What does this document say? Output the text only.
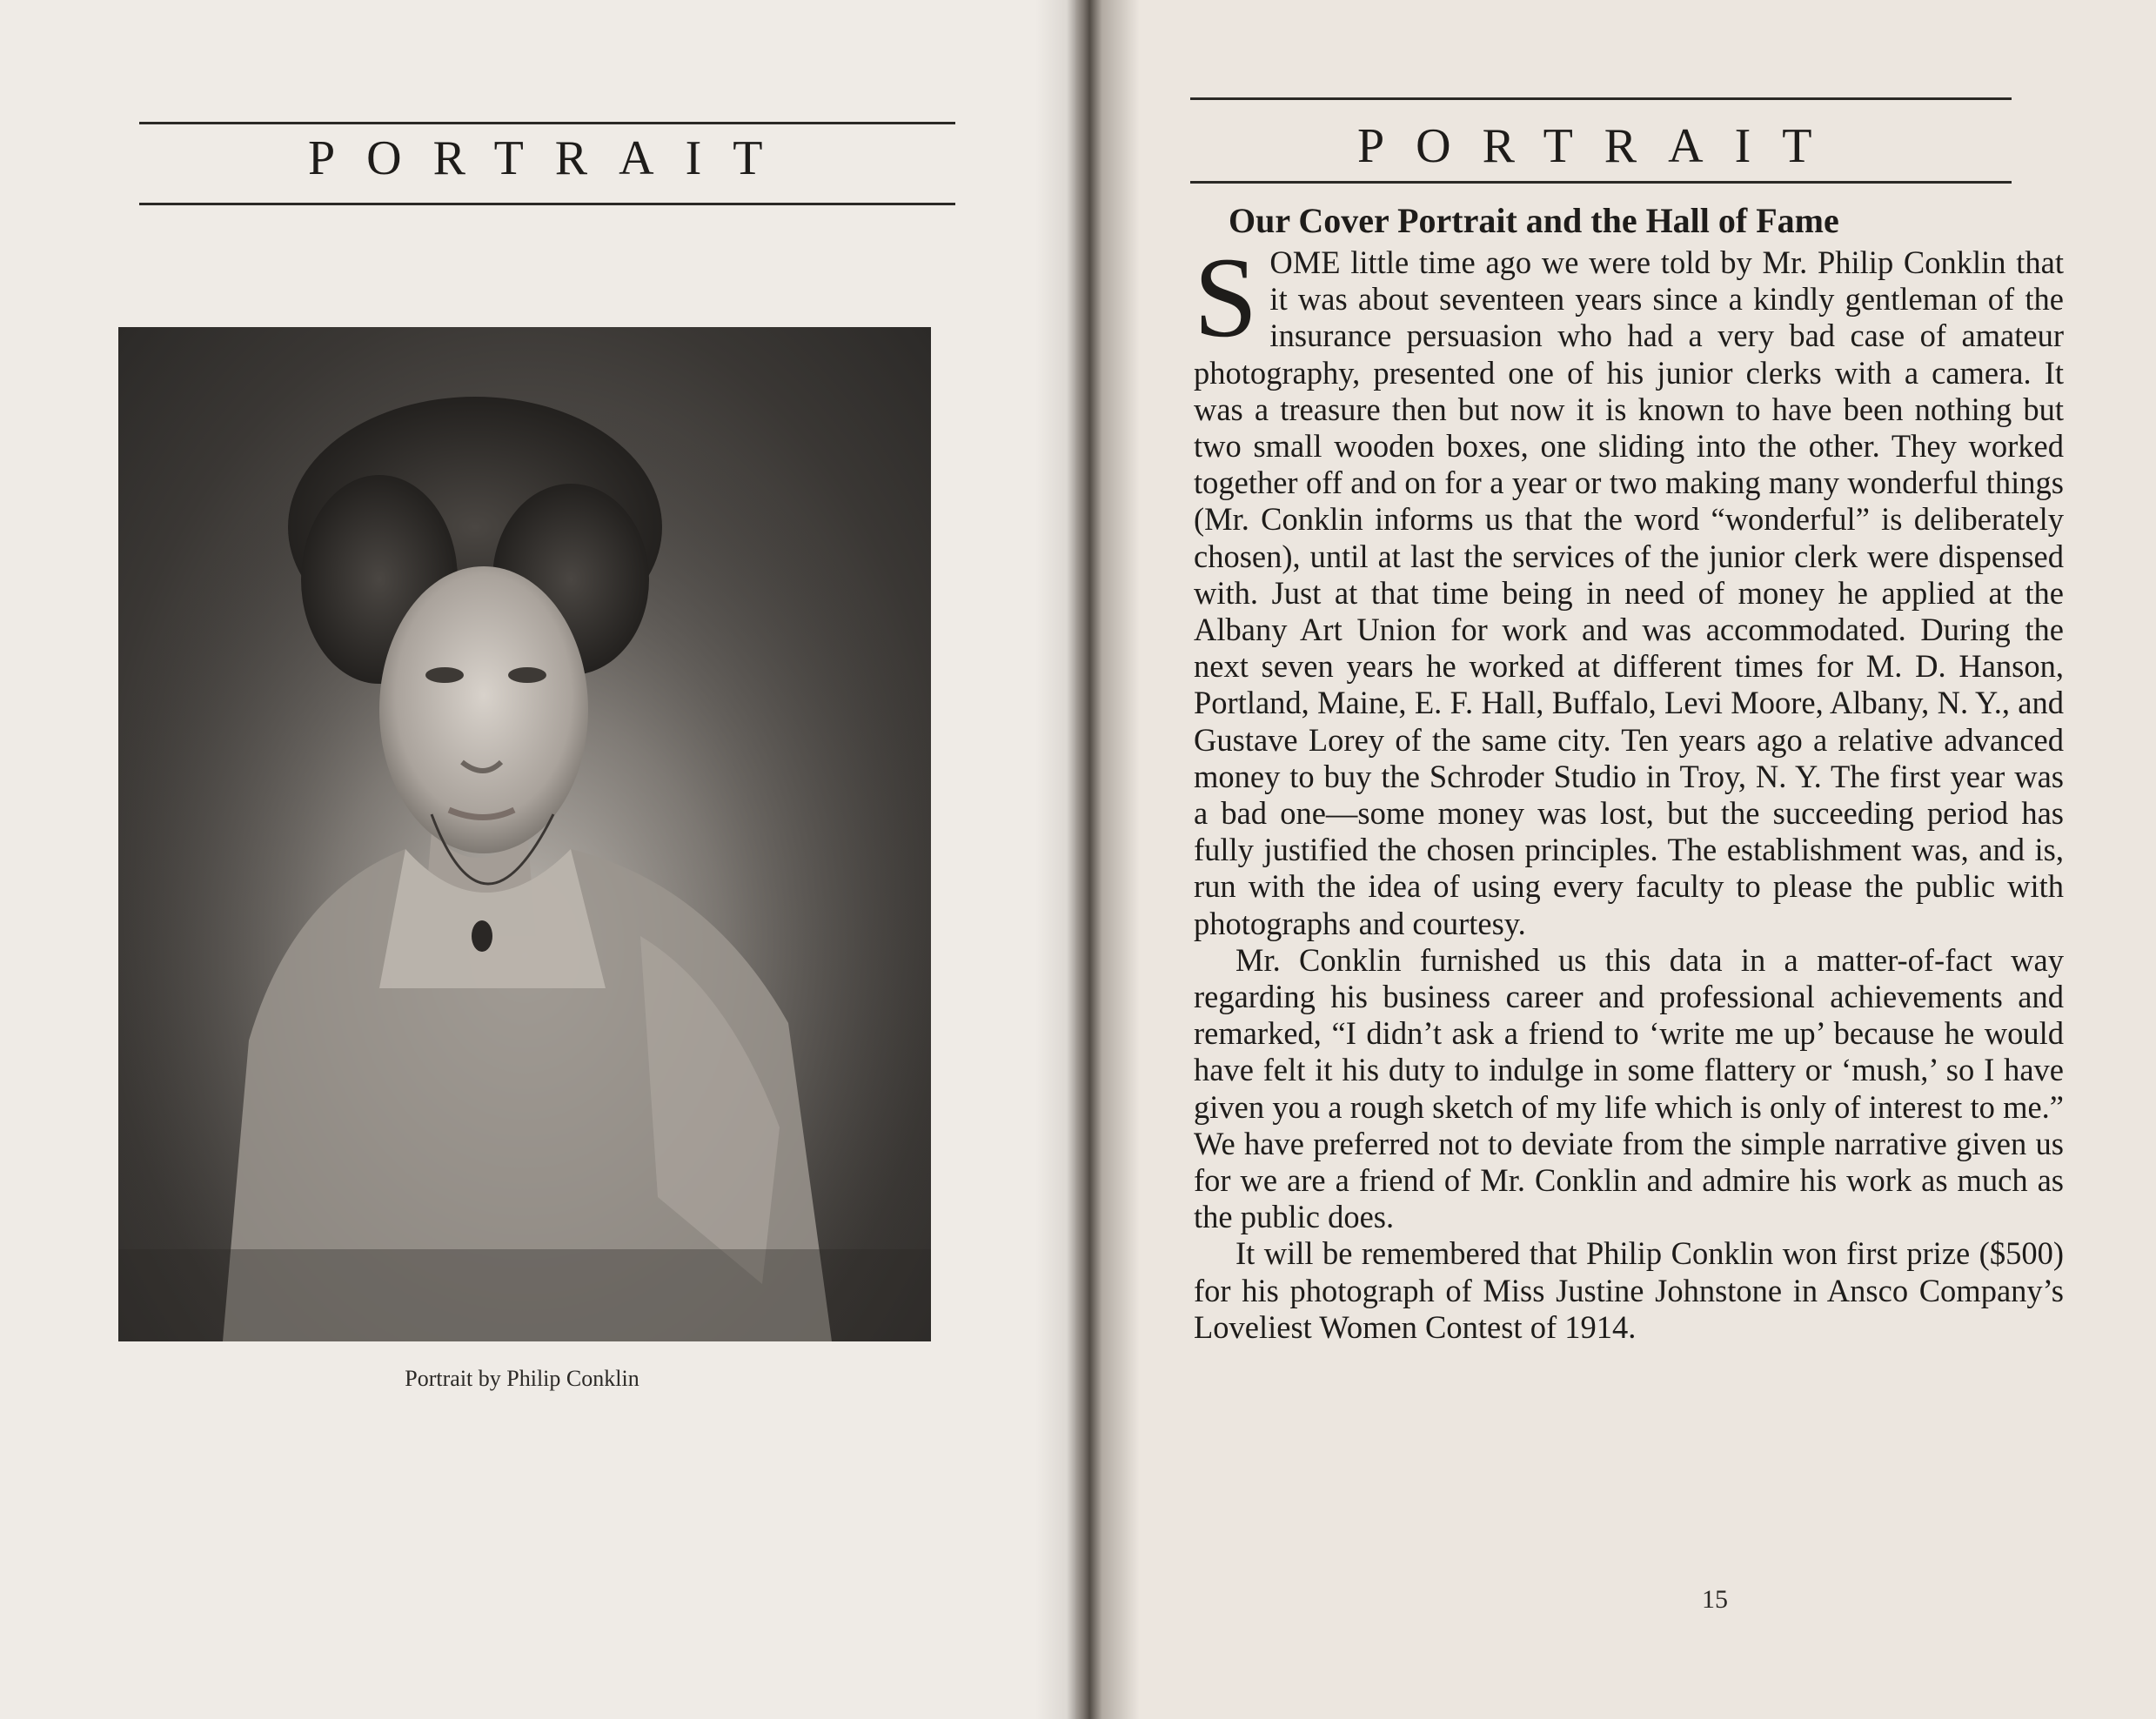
PORTRAIT
Portrait by Philip Conklin
PORTRAIT
Our Cover Portrait and the Hall of Fame

SOME little time ago we were told by Mr. Philip Conklin that it was about seventeen years since a kindly gentleman of the insurance persuasion who had a very bad case of amateur photography, presented one of his junior clerks with a camera. It was a treasure then but now it is known to have been nothing but two small wooden boxes, one sliding into the other. They worked together off and on for a year or two making many wonderful things (Mr. Conklin informs us that the word “wonderful” is deliberately chosen), until at last the services of the junior clerk were dispensed with. Just at that time being in need of money he applied at the Albany Art Union for work and was accommodated. During the next seven years he worked at different times for M. D. Hanson, Portland, Maine, E. F. Hall, Buffalo, Levi Moore, Albany, N. Y., and Gustave Lorey of the same city. Ten years ago a relative advanced money to buy the Schroder Studio in Troy, N. Y. The first year was a bad one—some money was lost, but the succeeding period has fully justified the chosen principles. The establishment was, and is, run with the idea of using every faculty to please the public with photographs and courtesy.

Mr. Conklin furnished us this data in a matter-of-fact way regarding his business career and professional achievements and remarked, “I didn’t ask a friend to ‘write me up’ because he would have felt it his duty to indulge in some flattery or ‘mush,’ so I have given you a rough sketch of my life which is only of interest to me.” We have preferred not to deviate from the simple narrative given us for we are a friend of Mr. Conklin and admire his work as much as the public does.

It will be remembered that Philip Conklin won first prize ($500) for his photograph of Miss Justine Johnstone in Ansco Company’s Loveliest Women Contest of 1914.

15
